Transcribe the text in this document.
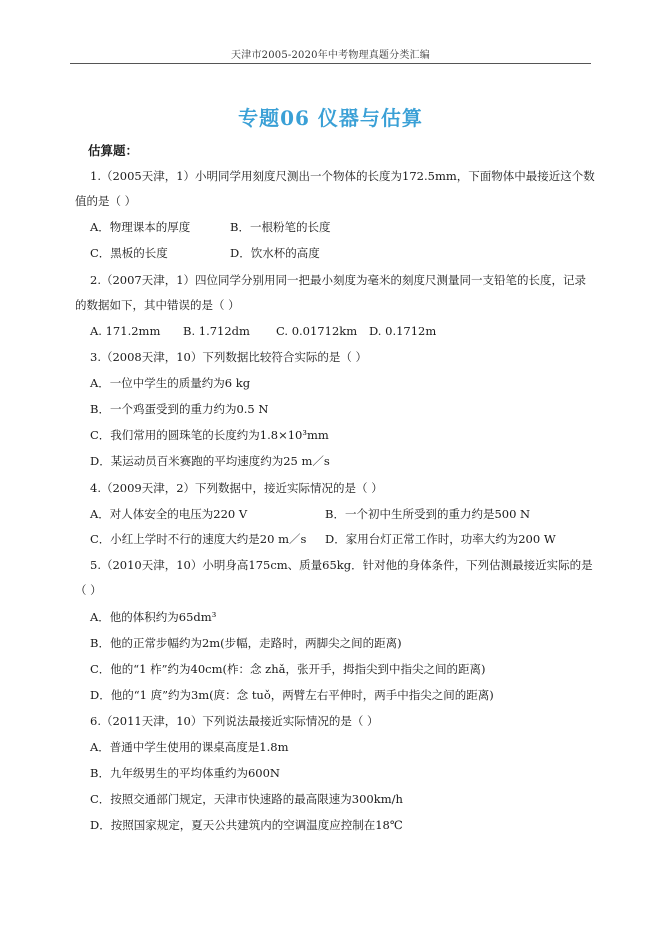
天津市2005-2020年中考物理真题分类汇编
专题06 仪器与估算
估算题：
1.（2005天津，1）小明同学用刻度尺测出一个物体的长度为172.5mm，下面物体中最接近这个数
值的是（ ）
A．物理课本的厚度	B．一根粉笔的长度
C．黑板的长度	D．饮水杯的高度
2.（2007天津，1）四位同学分别用同一把最小刻度为毫米的刻度尺测量同一支铅笔的长度，记录
的数据如下，其中错误的是（ ）
A. 171.2mm B. 1.712dm C. 0.01712km D. 0.1712m
3.（2008天津，10）下列数据比较符合实际的是（ ）
A．一位中学生的质量约为6 kg
B．一个鸡蛋受到的重力约为0.5 N
C．我们常用的圆珠笔的长度约为1.8×10³mm
D．某运动员百米赛跑的平均速度约为25 m／s
4.（2009天津，2）下列数据中，接近实际情况的是（ ）
A．对人体安全的电压为220 V	B．一个初中生所受到的重力约是500 N
C．小红上学时不行的速度大约是20 m／s D．家用台灯正常工作时，功率大约为200 W
5.（2010天津，10）小明身高175cm、质量65kg．针对他的身体条件，下列估测最接近实际的是
（ ）
A．他的体积约为65dm³
B．他的正常步幅约为2m(步幅，走路时，两脚尖之间的距离)
C．他的“1 柞”约为40cm(柞：念 zhǎ，张开手，拇指尖到中指尖之间的距离)
D．他的“1 庹”约为3m(庹：念 tuǒ，两臂左右平伸时，两手中指尖之间的距离)
6.（2011天津，10）下列说法最接近实际情况的是（ ）
A．普通中学生使用的课桌高度是1.8m
B．九年级男生的平均体重约为600N
C．按照交通部门规定，天津市快速路的最高限速为300km/h
D．按照国家规定，夏天公共建筑内的空调温度应控制在18℃
